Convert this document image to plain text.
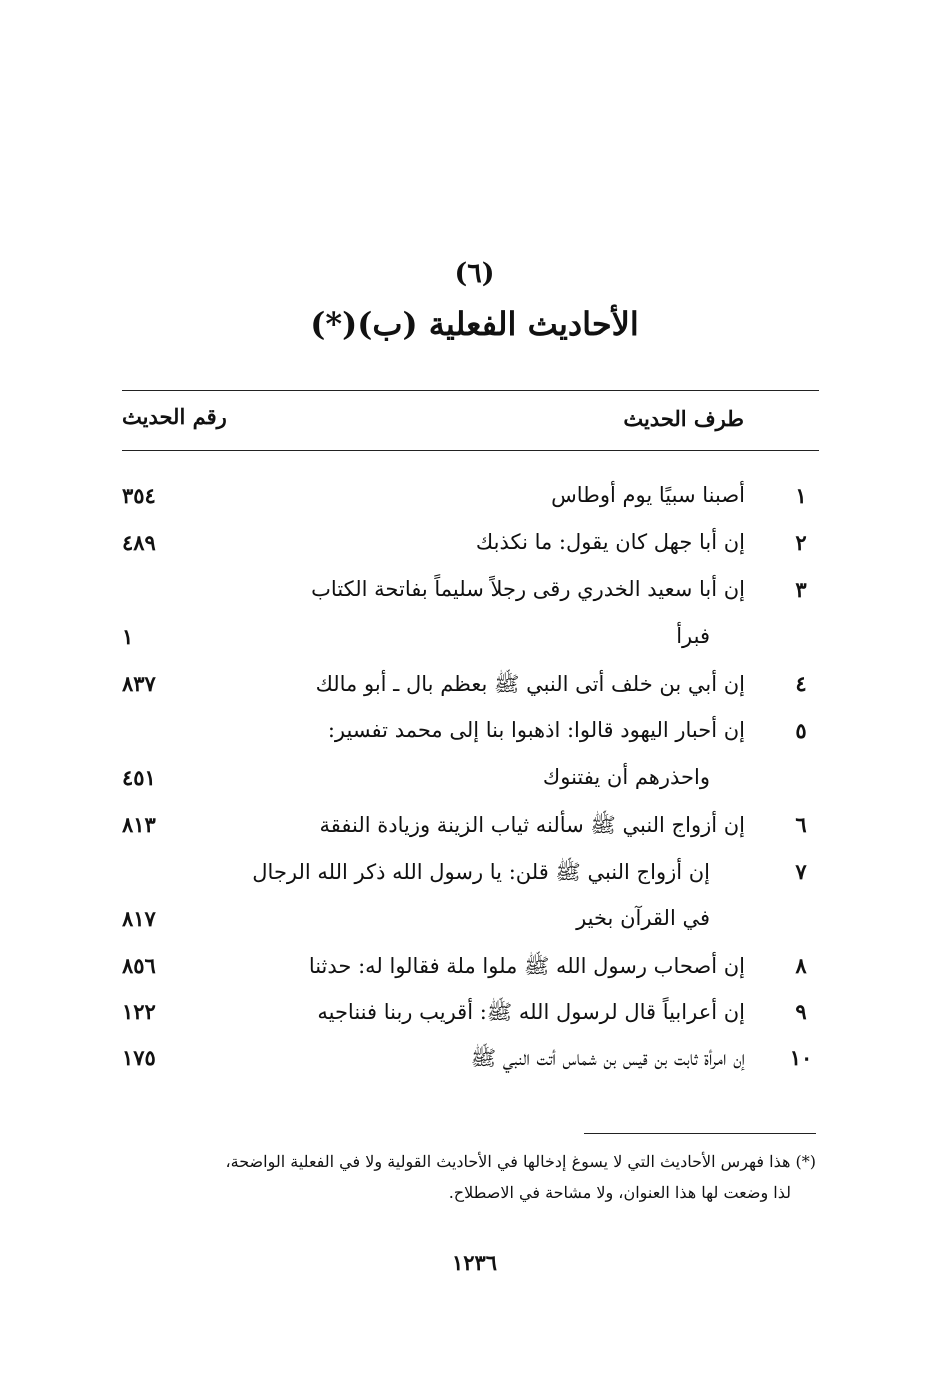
(٦)
الأحاديث الفعلية (ب)(*)
طرف الحديث
رقم الحديث
١
أصبنا سبيًا يوم أوطاس
٣٥٤
٢
إن أبا جهل كان يقول: ما نكذبك
٤٨٩
٣
إن أبا سعيد الخدري رقى رجلاً سليماً بفاتحة الكتاب
فبرأ
١
٤
إن أبي بن خلف أتى النبي ﷺ بعظم بال ـ أبو مالك
٨٣٧
٥
إن أحبار اليهود قالوا: اذهبوا بنا إلى محمد تفسير:
واحذرهم أن يفتنوك
٤٥١
٦
إن أزواج النبي ﷺ سألنه ثياب الزينة وزيادة النفقة
٨١٣
٧
إن أزواج النبي ﷺ قلن: يا رسول الله ذكر الله الرجال
في القرآن بخير
٨١٧
٨
إن أصحاب رسول الله ﷺ ملوا ملة فقالوا له: حدثنا
٨٥٦
٩
إن أعرابياً قال لرسول الله ﷺ: أقريب ربنا فنناجيه
١٢٢
١٠
إن امرأة ثابت بن قيس بن شماس أتت النبي ﷺ
١٧٥
(*) هذا فهرس الأحاديث التي لا يسوغ إدخالها في الأحاديث القولية ولا في الفعلية الواضحة،
لذا وضعت لها هذا العنوان، ولا مشاحة في الاصطلاح.
١٢٣٦
